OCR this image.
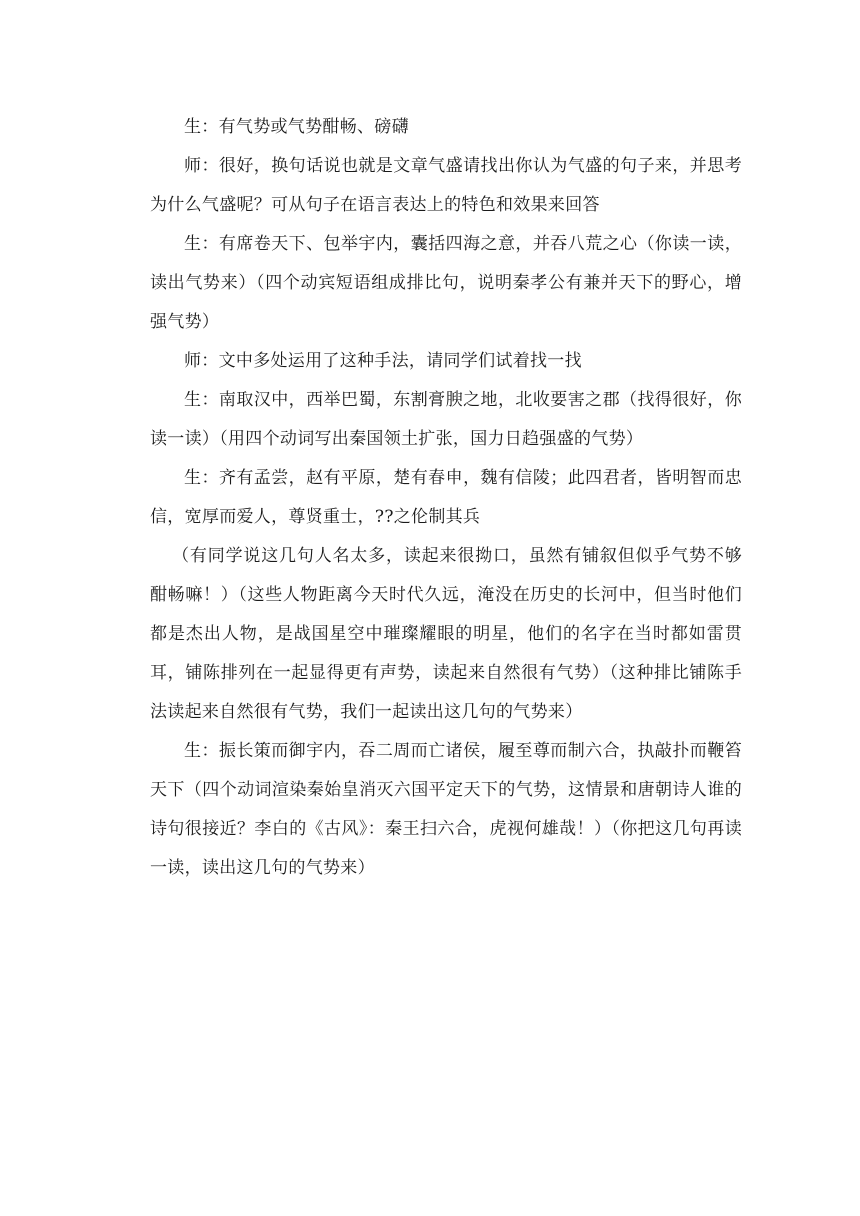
生：有气势或气势酣畅、磅礴

师：很好，换句话说也就是文章气盛请找出你认为气盛的句子来，并思考为什么气盛呢？可从句子在语言表达上的特色和效果来回答

生：有席卷天下、包举宇内，囊括四海之意，并吞八荒之心（你读一读，读出气势来）（四个动宾短语组成排比句，说明秦孝公有兼并天下的野心，增强气势）

师：文中多处运用了这种手法，请同学们试着找一找

生：南取汉中，西举巴蜀，东割膏腴之地，北收要害之郡（找得很好，你读一读）（用四个动词写出秦国领土扩张，国力日趋强盛的气势）

生：齐有孟尝，赵有平原，楚有春申，魏有信陵；此四君者，皆明智而忠信，宽厚而爱人，尊贤重士，??之伦制其兵

（有同学说这几句人名太多，读起来很拗口，虽然有铺叙但似乎气势不够酣畅嘛！）（这些人物距离今天时代久远，淹没在历史的长河中，但当时他们都是杰出人物，是战国星空中璀璨耀眼的明星，他们的名字在当时都如雷贯耳，铺陈排列在一起显得更有声势，读起来自然很有气势）（这种排比铺陈手法读起来自然很有气势，我们一起读出这几句的气势来）

生：振长策而御宇内，吞二周而亡诸侯，履至尊而制六合，执敲扑而鞭笞天下（四个动词渲染秦始皇消灭六国平定天下的气势，这情景和唐朝诗人谁的诗句很接近？李白的《古风》：秦王扫六合，虎视何雄哉！）（你把这几句再读一读，读出这几句的气势来）
